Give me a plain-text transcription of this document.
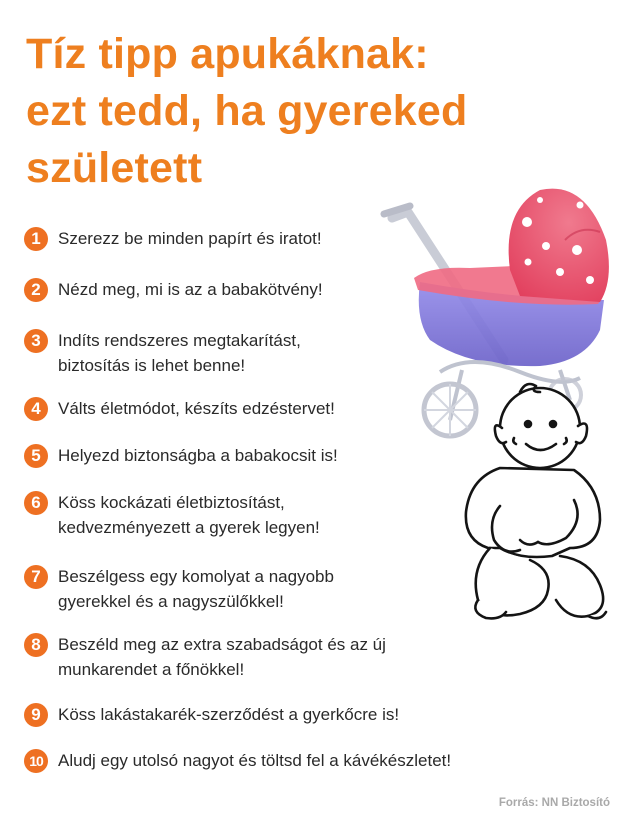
Tíz tipp apukáknak:
ezt tedd, ha gyereked
született
1	Szerezz be minden papírt és iratot!
2	Nézd meg, mi is az a babakötvény!
3	Indíts rendszeres megtakarítást,
biztosítás is lehet benne!
4	Válts életmódot, készíts edzéstervet!
5	Helyezd biztonságba a babakocsit is!
6	Köss kockázati életbiztosítást,
kedvezményezett a gyerek legyen!
7	Beszélgess egy komolyat a nagyobb
gyerekkel és a nagyszülőkkel!
8	Beszéld meg az extra szabadságot és az új
munkarendet a főnökkel!
9	Köss lakástakarék-szerződést a gyerkőcre is!
10 Aludj egy utolsó nagyot és töltsd fel a kávékészletet!
Forrás: NN Biztosító
